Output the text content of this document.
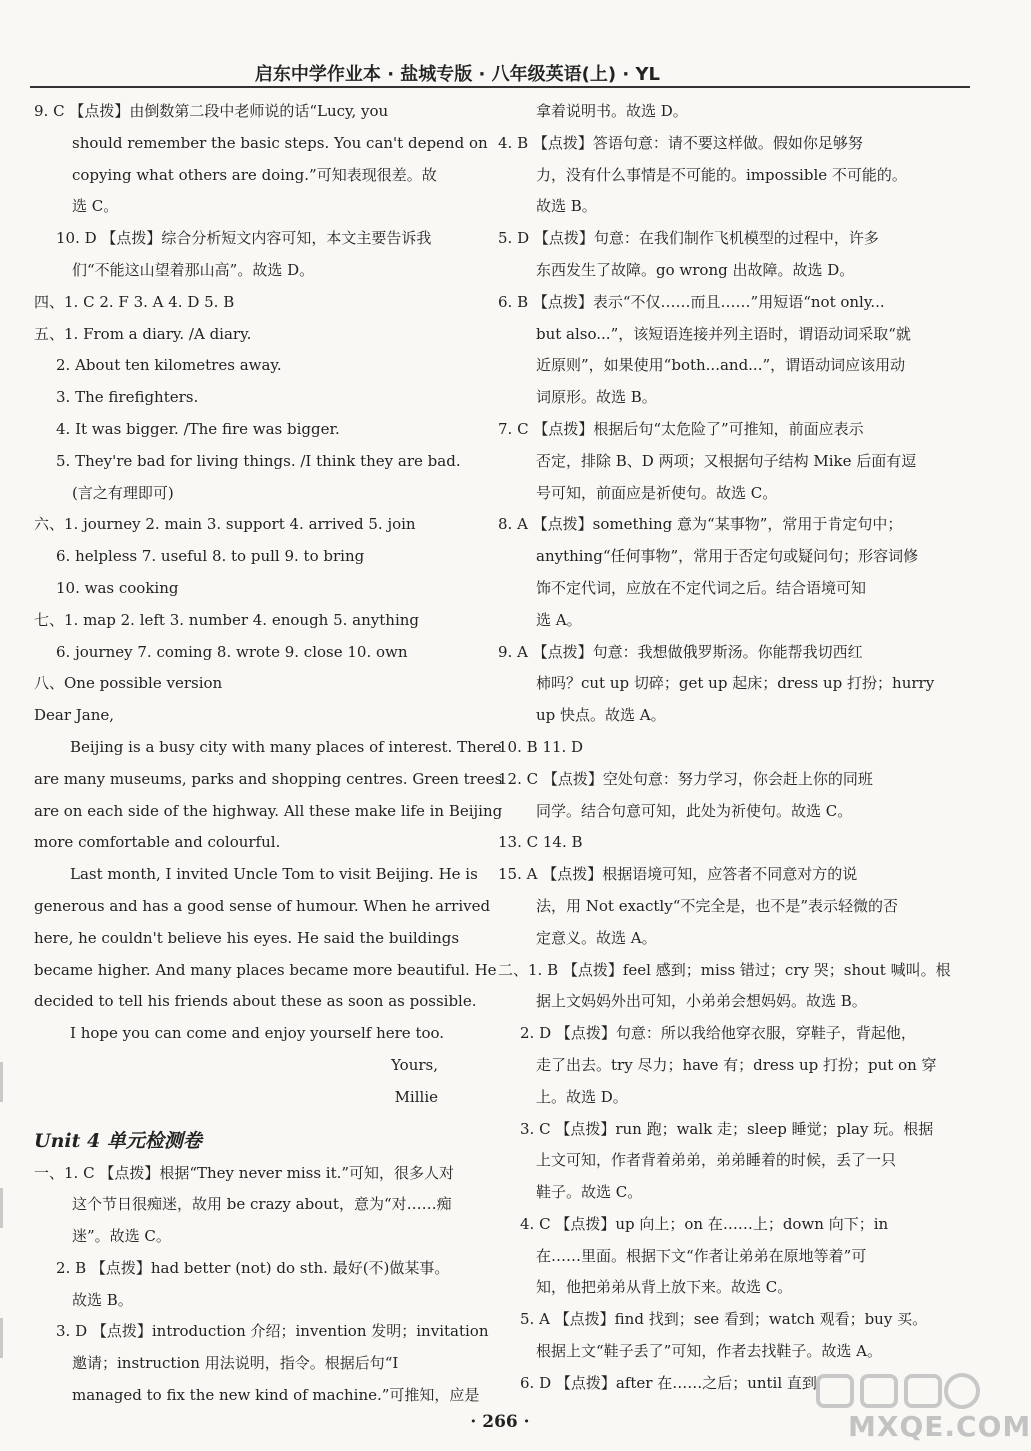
启东中学作业本 · 盐城专版 · 八年级英语(上) · YL
9. C 【点拨】由倒数第二段中老师说的话“Lucy, you
should remember the basic steps. You can't depend on
copying what others are doing.”可知表现很差。故
选 C。
10. D 【点拨】综合分析短文内容可知，本文主要告诉我
们“不能这山望着那山高”。故选 D。
四、1. C 2. F 3. A 4. D 5. B
五、1. From a diary. /A diary.
2. About ten kilometres away.
3. The firefighters.
4. It was bigger. /The fire was bigger.
5. They're bad for living things. /I think they are bad.
(言之有理即可)
六、1. journey 2. main 3. support 4. arrived 5. join
6. helpless 7. useful 8. to pull 9. to bring
10. was cooking
七、1. map 2. left 3. number 4. enough 5. anything
6. journey 7. coming 8. wrote 9. close 10. own
八、One possible version
Dear Jane,
Beijing is a busy city with many places of interest. There
are many museums, parks and shopping centres. Green trees
are on each side of the highway. All these make life in Beijing
more comfortable and colourful.
Last month, I invited Uncle Tom to visit Beijing. He is
generous and has a good sense of humour. When he arrived
here, he couldn't believe his eyes. He said the buildings
became higher. And many places became more beautiful. He
decided to tell his friends about these as soon as possible.
I hope you can come and enjoy yourself here too.
Yours,
Millie
Unit 4 单元检测卷
一、1. C 【点拨】根据“They never miss it.”可知，很多人对
这个节日很痴迷，故用 be crazy about，意为“对……痴
迷”。故选 C。
2. B 【点拨】had better (not) do sth. 最好(不)做某事。
故选 B。
3. D 【点拨】introduction 介绍；invention 发明；invitation
邀请；instruction 用法说明，指令。根据后句“I
managed to fix the new kind of machine.”可推知，应是
拿着说明书。故选 D。
4. B 【点拨】答语句意：请不要这样做。假如你足够努
力，没有什么事情是不可能的。impossible 不可能的。
故选 B。
5. D 【点拨】句意：在我们制作飞机模型的过程中，许多
东西发生了故障。go wrong 出故障。故选 D。
6. B 【点拨】表示“不仅……而且……”用短语“not only...
but also...”，该短语连接并列主语时，谓语动词采取“就
近原则”，如果使用“both...and...”，谓语动词应该用动
词原形。故选 B。
7. C 【点拨】根据后句“太危险了”可推知，前面应表示
否定，排除 B、D 两项；又根据句子结构 Mike 后面有逗
号可知，前面应是祈使句。故选 C。
8. A 【点拨】something 意为“某事物”，常用于肯定句中；
anything“任何事物”，常用于否定句或疑问句；形容词修
饰不定代词，应放在不定代词之后。结合语境可知
选 A。
9. A 【点拨】句意：我想做俄罗斯汤。你能帮我切西红
柿吗？cut up 切碎；get up 起床；dress up 打扮；hurry
up 快点。故选 A。
10. B 11. D
12. C 【点拨】空处句意：努力学习，你会赶上你的同班
同学。结合句意可知，此处为祈使句。故选 C。
13. C 14. B
15. A 【点拨】根据语境可知，应答者不同意对方的说
法，用 Not exactly“不完全是，也不是”表示轻微的否
定意义。故选 A。
二、1. B 【点拨】feel 感到；miss 错过；cry 哭；shout 喊叫。根
据上文妈妈外出可知，小弟弟会想妈妈。故选 B。
2. D 【点拨】句意：所以我给他穿衣服，穿鞋子，背起他，
走了出去。try 尽力；have 有；dress up 打扮；put on 穿
上。故选 D。
3. C 【点拨】run 跑；walk 走；sleep 睡觉；play 玩。根据
上文可知，作者背着弟弟，弟弟睡着的时候，丢了一只
鞋子。故选 C。
4. C 【点拨】up 向上；on 在……上；down 向下；in
在……里面。根据下文“作者让弟弟在原地等着”可
知，他把弟弟从背上放下来。故选 C。
5. A 【点拨】find 找到；see 看到；watch 观看；buy 买。
根据上文“鞋子丢了”可知，作者去找鞋子。故选 A。
6. D 【点拨】after 在……之后；until 直到
· 266 ·	MXQE.COM
